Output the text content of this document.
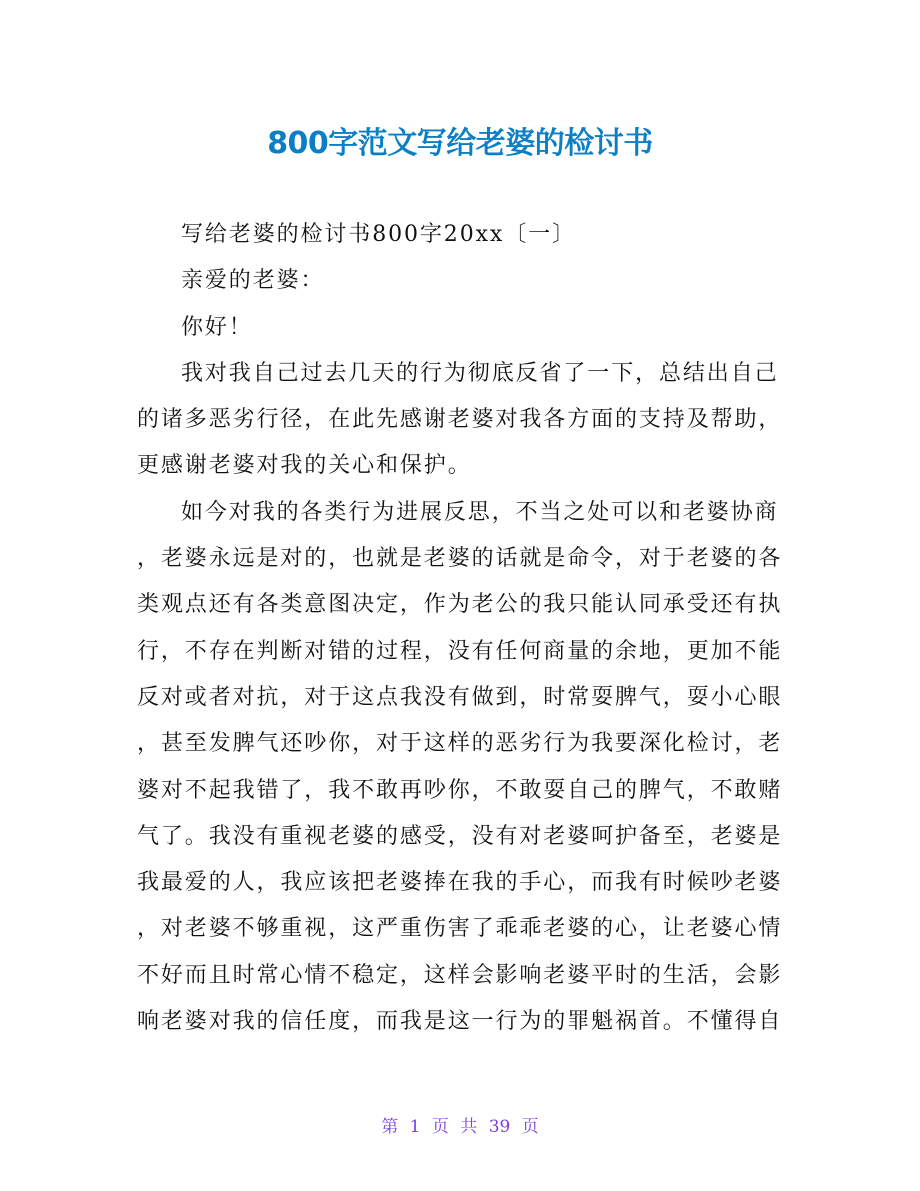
800字范文写给老婆的检讨书
写给老婆的检讨书800字20xx〔一〕
亲爱的老婆：
你好！
我对我自己过去几天的行为彻底反省了一下，总结出自己
的诸多恶劣行径，在此先感谢老婆对我各方面的支持及帮助，
更感谢老婆对我的关心和保护。
如今对我的各类行为进展反思，不当之处可以和老婆协商
，老婆永远是对的，也就是老婆的话就是命令，对于老婆的各
类观点还有各类意图决定，作为老公的我只能认同承受还有执
行，不存在判断对错的过程，没有任何商量的余地，更加不能
反对或者对抗，对于这点我没有做到，时常耍脾气，耍小心眼
，甚至发脾气还吵你，对于这样的恶劣行为我要深化检讨，老
婆对不起我错了，我不敢再吵你，不敢耍自己的脾气，不敢赌
气了。我没有重视老婆的感受，没有对老婆呵护备至，老婆是
我最爱的人，我应该把老婆捧在我的手心，而我有时候吵老婆
，对老婆不够重视，这严重伤害了乖乖老婆的心，让老婆心情
不好而且时常心情不稳定，这样会影响老婆平时的生活，会影
响老婆对我的信任度，而我是这一行为的罪魁祸首。不懂得自
第 1 页 共 39 页
